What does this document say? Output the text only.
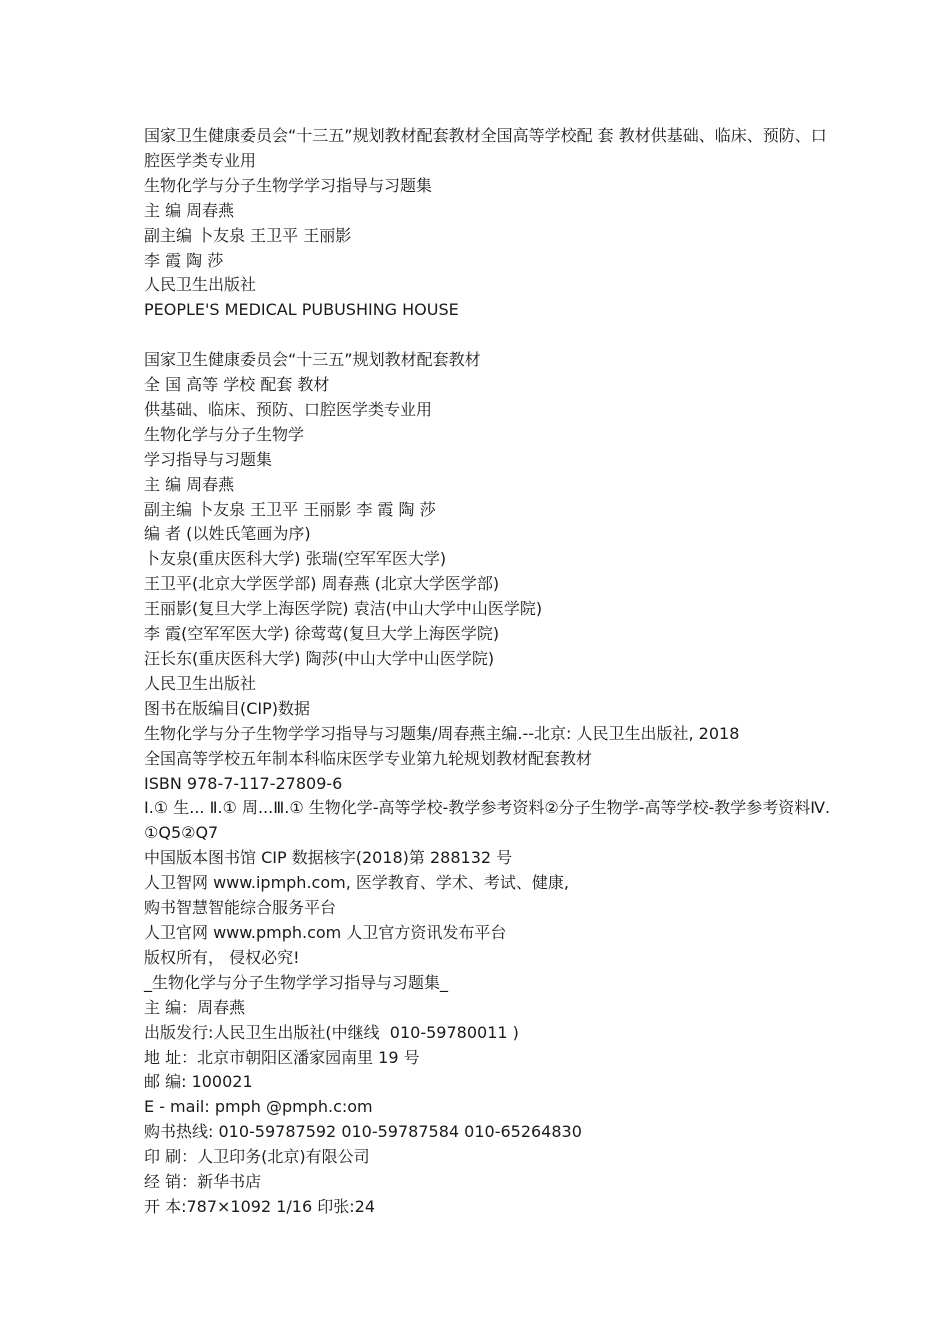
国家卫生健康委员会“十三五”规划教材配套教材全国高等学校配 套 教材供基础、临床、预防、口腔医学类专业用
生物化学与分子生物学学习指导与习题集
主 编 周春燕
副主编 卜友泉 王卫平 王丽影
李 霞 陶 莎
人民卫生出版社
PEOPLE'S MEDICAL PUBUSHING HOUSE
国家卫生健康委员会“十三五”规划教材配套教材
全 国 高等 学校 配套 教材
供基础、临床、预防、口腔医学类专业用
生物化学与分子生物学
学习指导与习题集
主 编 周春燕
副主编 卜友泉 王卫平 王丽影 李 霞 陶 莎
编 者 (以姓氏笔画为序)
卜友泉(重庆医科大学) 张瑞(空军军医大学)
王卫平(北京大学医学部) 周春燕 (北京大学医学部)
王丽影(复旦大学上海医学院) 袁洁(中山大学中山医学院)
李 霞(空军军医大学) 徐莺莺(复旦大学上海医学院)
汪长东(重庆医科大学) 陶莎(中山大学中山医学院)
人民卫生出版社
图书在版编目(CIP)数据
生物化学与分子生物学学习指导与习题集/周春燕主编.--北京: 人民卫生出版社, 2018
全国高等学校五年制本科临床医学专业第九轮规划教材配套教材
ISBN 978-7-117-27809-6
I.① 生... Ⅱ.① 周...Ⅲ.① 生物化学-高等学校-教学参考资料②分子生物学-高等学校-教学参考资料Ⅳ.①Q5②Q7
中国版本图书馆 CIP 数据核字(2018)第 288132 号
人卫智网 www.ipmph.com, 医学教育、学术、考试、健康,
购书智慧智能综合服务平台
人卫官网 www.pmph.com 人卫官方资讯发布平台
版权所有， 侵权必究!
_生物化学与分子生物学学习指导与习题集_
主 编：周春燕
出版发行:人民卫生出版社(中继线  010-59780011 )
地 址：北京市朝阳区潘家园南里 19 号
邮 编: 100021
E - mail: pmph @pmph.c:om
购书热线: 010-59787592 010-59787584 010-65264830
印 刷：人卫印务(北京)有限公司
经 销：新华书店
开 本:787×1092 1/16 印张:24
